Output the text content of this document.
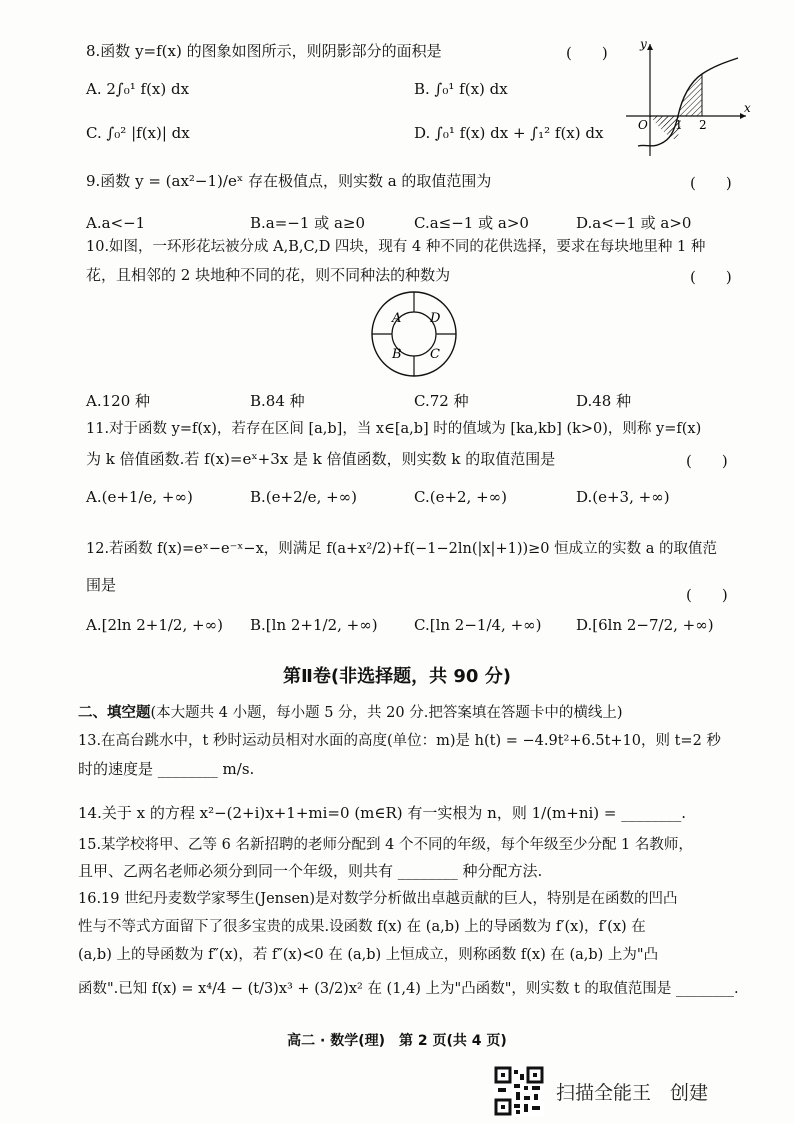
8.函数 y=f(x) 的图象如图所示，则阴影部分的面积是	(　　)
A. 2∫₀¹ f(x) dx	B. ∫₀¹ f(x) dx
C. ∫₀² |f(x)| dx	D. ∫₀¹ f(x) dx + ∫₁² f(x) dx
y
x
O 1 2
9.函数 y = (ax²−1)/eˣ 存在极值点，则实数 a 的取值范围为	(　　)
A.a<−1	B.a=−1 或 a≥0	C.a≤−1 或 a>0	D.a<−1 或 a>0
10.如图，一环形花坛被分成 A,B,C,D 四块，现有 4 种不同的花供选择，要求在每块地里种 1 种
花，且相邻的 2 块地种不同的花，则不同种法的种数为	(　　)
A D
B C
A.120 种	B.84 种	C.72 种	D.48 种
11.对于函数 y=f(x)，若存在区间 [a,b]，当 x∈[a,b] 时的值域为 [ka,kb] (k>0)，则称 y=f(x)
为 k 倍值函数.若 f(x)=eˣ+3x 是 k 倍值函数，则实数 k 的取值范围是	(　　)
A.(e+1/e, +∞)	B.(e+2/e, +∞)	C.(e+2, +∞)	D.(e+3, +∞)
12.若函数 f(x)=eˣ−e⁻ˣ−x，则满足 f(a+x²/2)+f(−1−2ln(|x|+1))≥0 恒成立的实数 a 的取值范
围是
(　　)
A.[2ln 2+1/2, +∞) B.[ln 2+1/2, +∞) C.[ln 2−1/4, +∞) D.[6ln 2−7/2, +∞)
第Ⅱ卷(非选择题，共 90 分)
二、填空题(本大题共 4 小题，每小题 5 分，共 20 分.把答案填在答题卡中的横线上)
13.在高台跳水中，t 秒时运动员相对水面的高度(单位：m)是 h(t) = −4.9t²+6.5t+10，则 t=2 秒
时的速度是 ________ m/s.
14.关于 x 的方程 x²−(2+i)x+1+mi=0 (m∈R) 有一实根为 n，则 1/(m+ni) = ________.
15.某学校将甲、乙等 6 名新招聘的老师分配到 4 个不同的年级，每个年级至少分配 1 名教师，
且甲、乙两名老师必须分到同一个年级，则共有 ________ 种分配方法.
16.19 世纪丹麦数学家琴生(Jensen)是对数学分析做出卓越贡献的巨人，特别是在函数的凹凸
性与不等式方面留下了很多宝贵的成果.设函数 f(x) 在 (a,b) 上的导函数为 f′(x)，f′(x) 在
(a,b) 上的导函数为 f″(x)，若 f″(x)<0 在 (a,b) 上恒成立，则称函数 f(x) 在 (a,b) 上为"凸
函数".已知 f(x) = x⁴/4 − (t/3)x³ + (3/2)x² 在 (1,4) 上为"凸函数"，则实数 t 的取值范围是 ________.
高二 · 数学(理)　第 2 页(共 4 页)
扫描全能王　创建
